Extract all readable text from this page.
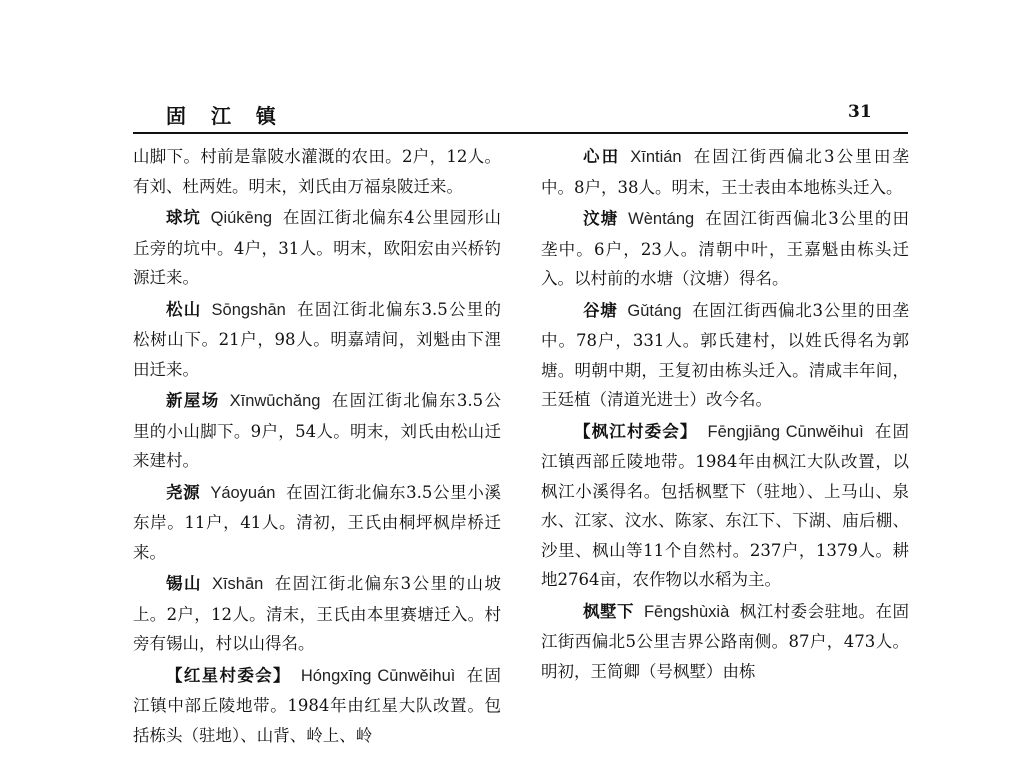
固 江 镇	31

山脚下。村前是靠陂水灌溉的农田。2户，12人。有刘、杜两姓。明末，刘氏由万福泉陂迁来。

球坑 Qiúkēng 在固江街北偏东4公里园形山丘旁的坑中。4户，31人。明末，欧阳宏由兴桥钓源迁来。

松山 Sōngshān 在固江街北偏东3.5公里的松树山下。21户，98人。明嘉靖间，刘魁由下浬田迁来。

新屋场 Xīnwūchǎng 在固江街北偏东3.5公里的小山脚下。9户，54人。明末，刘氏由松山迁来建村。

尧源 Yáoyuán 在固江街北偏东3.5公里小溪东岸。11户，41人。清初，王氏由桐坪枫岸桥迁来。

锡山 Xīshān 在固江街北偏东3公里的山坡上。2户，12人。清末，王氏由本里赛塘迁入。村旁有锡山，村以山得名。

【红星村委会】 Hóngxīng Cūnwěihuì 在固江镇中部丘陵地带。1984年由红星大队改置。包括栋头（驻地）、山背、岭上、岭

心田 Xīntián 在固江街西偏北3公里田垄中。8户，38人。明末，王士表由本地栋头迁入。

汶塘 Wèntáng 在固江街西偏北3公里的田垄中。6户，23人。清朝中叶，王嘉魁由栋头迁入。以村前的水塘（汶塘）得名。

谷塘 Gǔtáng 在固江街西偏北3公里的田垄中。78户，331人。郭氏建村，以姓氏得名为郭塘。明朝中期，王复初由栋头迁入。清咸丰年间，王廷植（清道光进士）改今名。

【枫江村委会】 Fēngjiāng Cūnwěihuì 在固江镇西部丘陵地带。1984年由枫江大队改置，以枫江小溪得名。包括枫墅下（驻地）、上马山、泉水、江家、汶水、陈家、东江下、下湖、庙后棚、沙里、枫山等11个自然村。237户，1379人。耕地2764亩，农作物以水稻为主。

枫墅下 Fēngshùxià 枫江村委会驻地。在固江街西偏北5公里吉界公路南侧。87户，473人。明初，王简卿（号枫墅）由栋
